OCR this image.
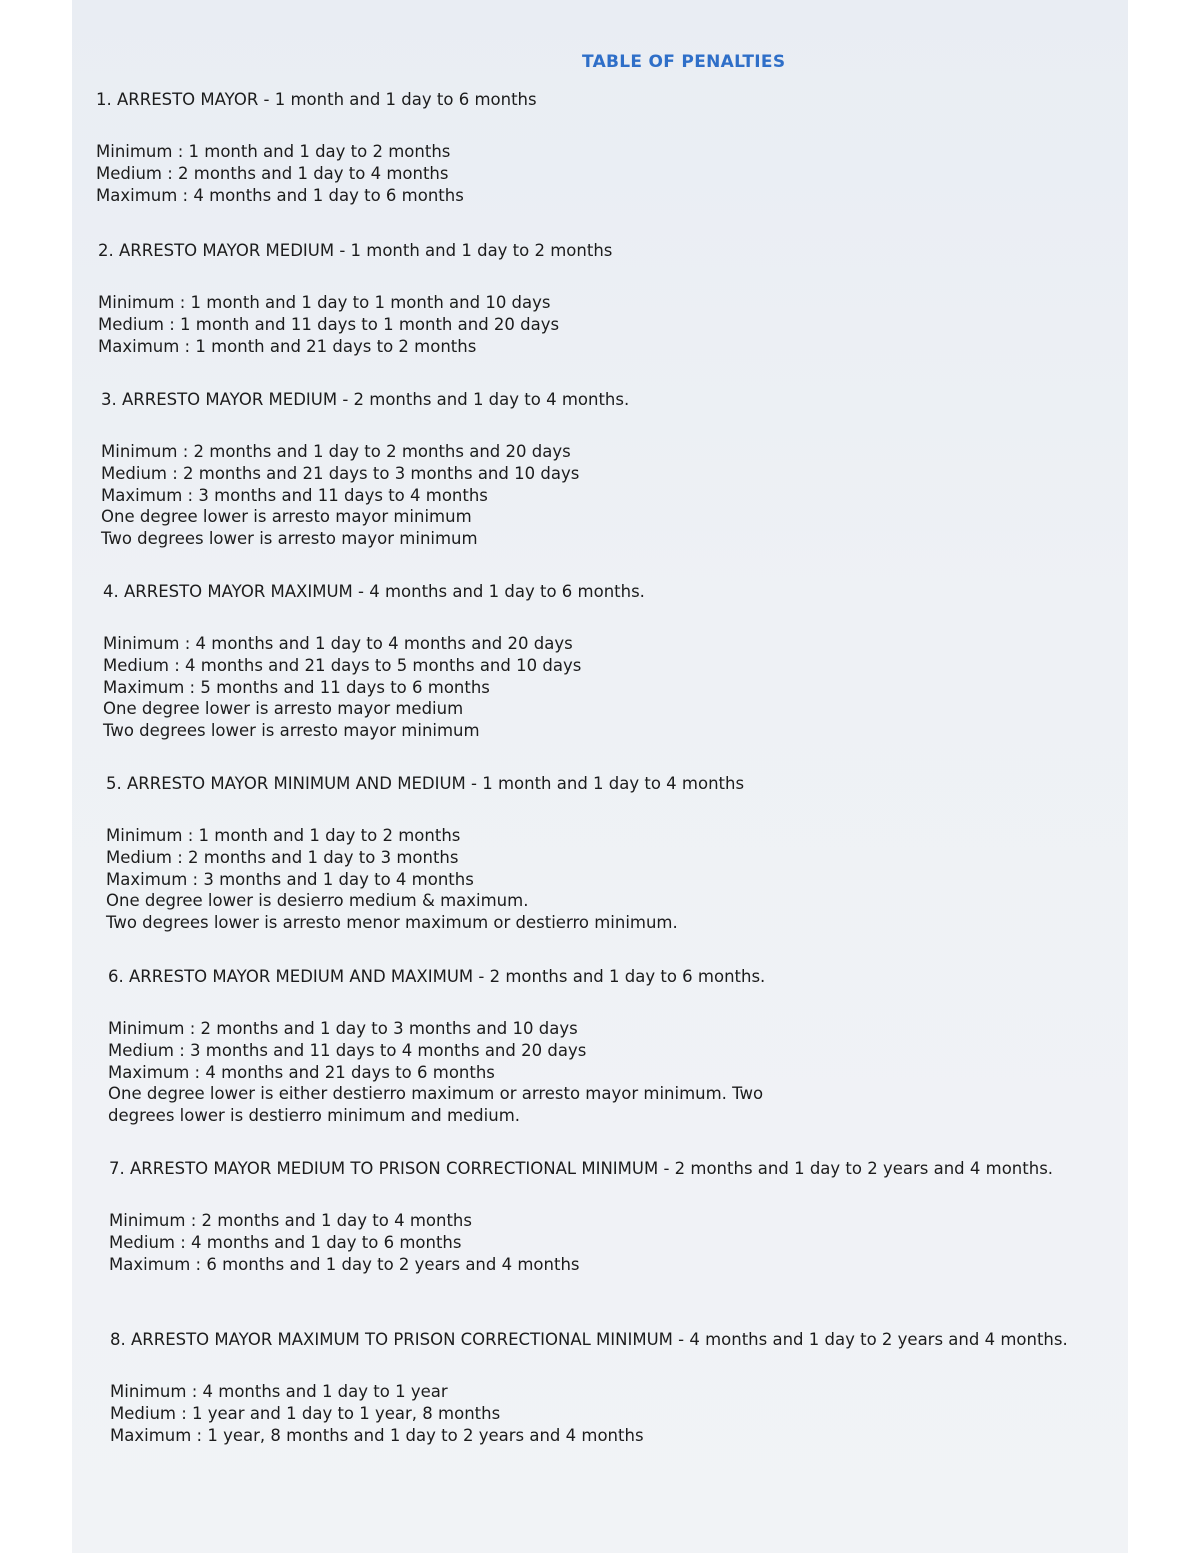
TABLE OF PENALTIES
1. ARRESTO MAYOR - 1 month and 1 day to 6 months
Minimum : 1 month and 1 day to 2 months
Medium : 2 months and 1 day to 4 months
Maximum : 4 months and 1 day to 6 months
2. ARRESTO MAYOR MEDIUM - 1 month and 1 day to 2 months
Minimum : 1 month and 1 day to 1 month and 10 days
Medium : 1 month and 11 days to 1 month and 20 days
Maximum : 1 month and 21 days to 2 months
3. ARRESTO MAYOR MEDIUM - 2 months and 1 day to 4 months.
Minimum : 2 months and 1 day to 2 months and 20 days
Medium : 2 months and 21 days to 3 months and 10 days
Maximum : 3 months and 11 days to 4 months
One degree lower is arresto mayor minimum
Two degrees lower is arresto mayor minimum
4. ARRESTO MAYOR MAXIMUM - 4 months and 1 day to 6 months.
Minimum : 4 months and 1 day to 4 months and 20 days
Medium : 4 months and 21 days to 5 months and 10 days
Maximum : 5 months and 11 days to 6 months
One degree lower is arresto mayor medium
Two degrees lower is arresto mayor minimum
5. ARRESTO MAYOR MINIMUM AND MEDIUM - 1 month and 1 day to 4 months
Minimum : 1 month and 1 day to 2 months
Medium : 2 months and 1 day to 3 months
Maximum : 3 months and 1 day to 4 months
One degree lower is desierro medium & maximum.
Two degrees lower is arresto menor maximum or destierro minimum.
6. ARRESTO MAYOR MEDIUM AND MAXIMUM - 2 months and 1 day to 6 months.
Minimum : 2 months and 1 day to 3 months and 10 days
Medium : 3 months and 11 days to 4 months and 20 days
Maximum : 4 months and 21 days to 6 months
One degree lower is either destierro maximum or arresto mayor minimum. Two degrees lower is destierro minimum and medium.
7. ARRESTO MAYOR MEDIUM TO PRISON CORRECTIONAL MINIMUM - 2 months and 1 day to 2 years and 4 months.
Minimum : 2 months and 1 day to 4 months
Medium : 4 months and 1 day to 6 months
Maximum : 6 months and 1 day to 2 years and 4 months
8. ARRESTO MAYOR MAXIMUM TO PRISON CORRECTIONAL MINIMUM - 4 months and 1 day to 2 years and 4 months.
Minimum : 4 months and 1 day to 1 year
Medium : 1 year and 1 day to 1 year, 8 months
Maximum : 1 year, 8 months and 1 day to 2 years and 4 months
